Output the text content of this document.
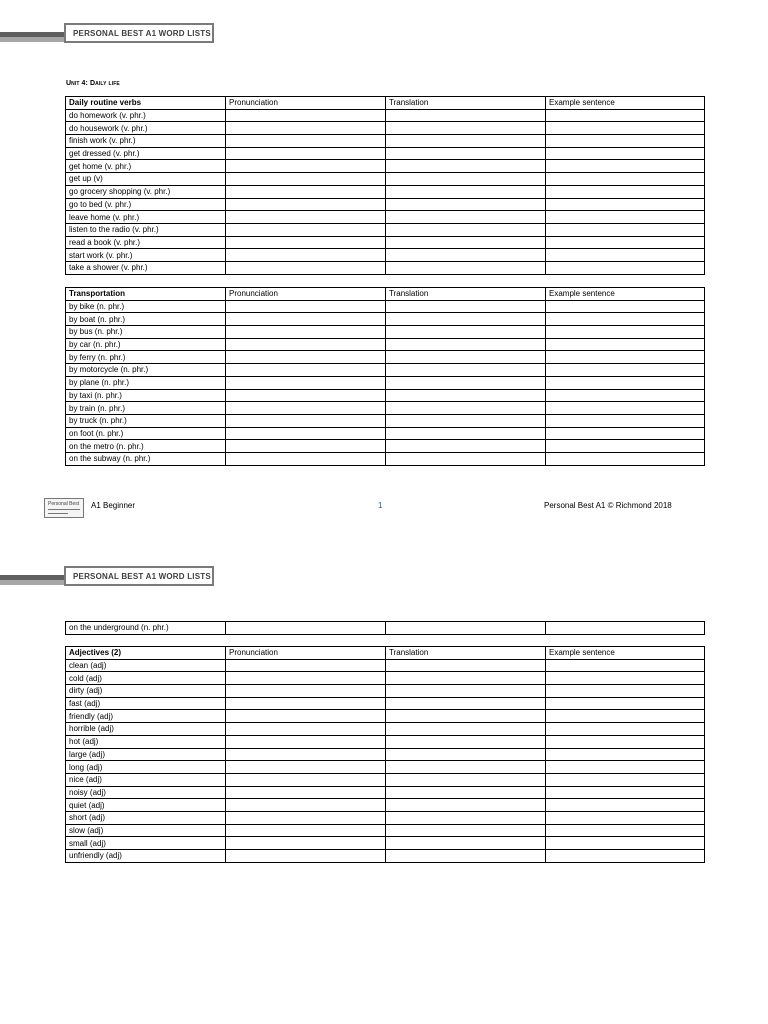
PERSONAL BEST A1 WORD LISTS
Unit 4: Daily life
Daily routine verbs	Pronunciation	Translation	Example sentence
do homework (v. phr.)			
do housework (v. phr.)			
finish work (v. phr.)			
get dressed (v. phr.)			
get home (v. phr.)			
get up (v)			
go grocery shopping (v. phr.)			
go to bed (v. phr.)			
leave home (v. phr.)			
listen to the radio (v. phr.)			
read a book (v. phr.)			
start work (v. phr.)			
take a shower (v. phr.)			
Transportation	Pronunciation	Translation	Example sentence
by bike (n. phr.)			
by boat (n. phr.)			
by bus (n. phr.)			
by car (n. phr.)			
by ferry (n. phr.)			
by motorcycle (n. phr.)			
by plane (n. phr.)			
by taxi (n. phr.)			
by train (n. phr.)			
by truck (n. phr.)			
on foot (n. phr.)			
on the metro (n. phr.)			
on the subway (n. phr.)			
Personal Best A1 Beginner	1	Personal Best A1 © Richmond 2018
PERSONAL BEST A1 WORD LISTS
on the underground (n. phr.)			
Adjectives (2)	Pronunciation	Translation	Example sentence
clean (adj)			
cold (adj)			
dirty (adj)			
fast (adj)			
friendly (adj)			
horrible (adj)			
hot (adj)			
large (adj)			
long (adj)			
nice (adj)			
noisy (adj)			
quiet (adj)			
short (adj)			
slow (adj)			
small (adj)			
unfriendly (adj)			
